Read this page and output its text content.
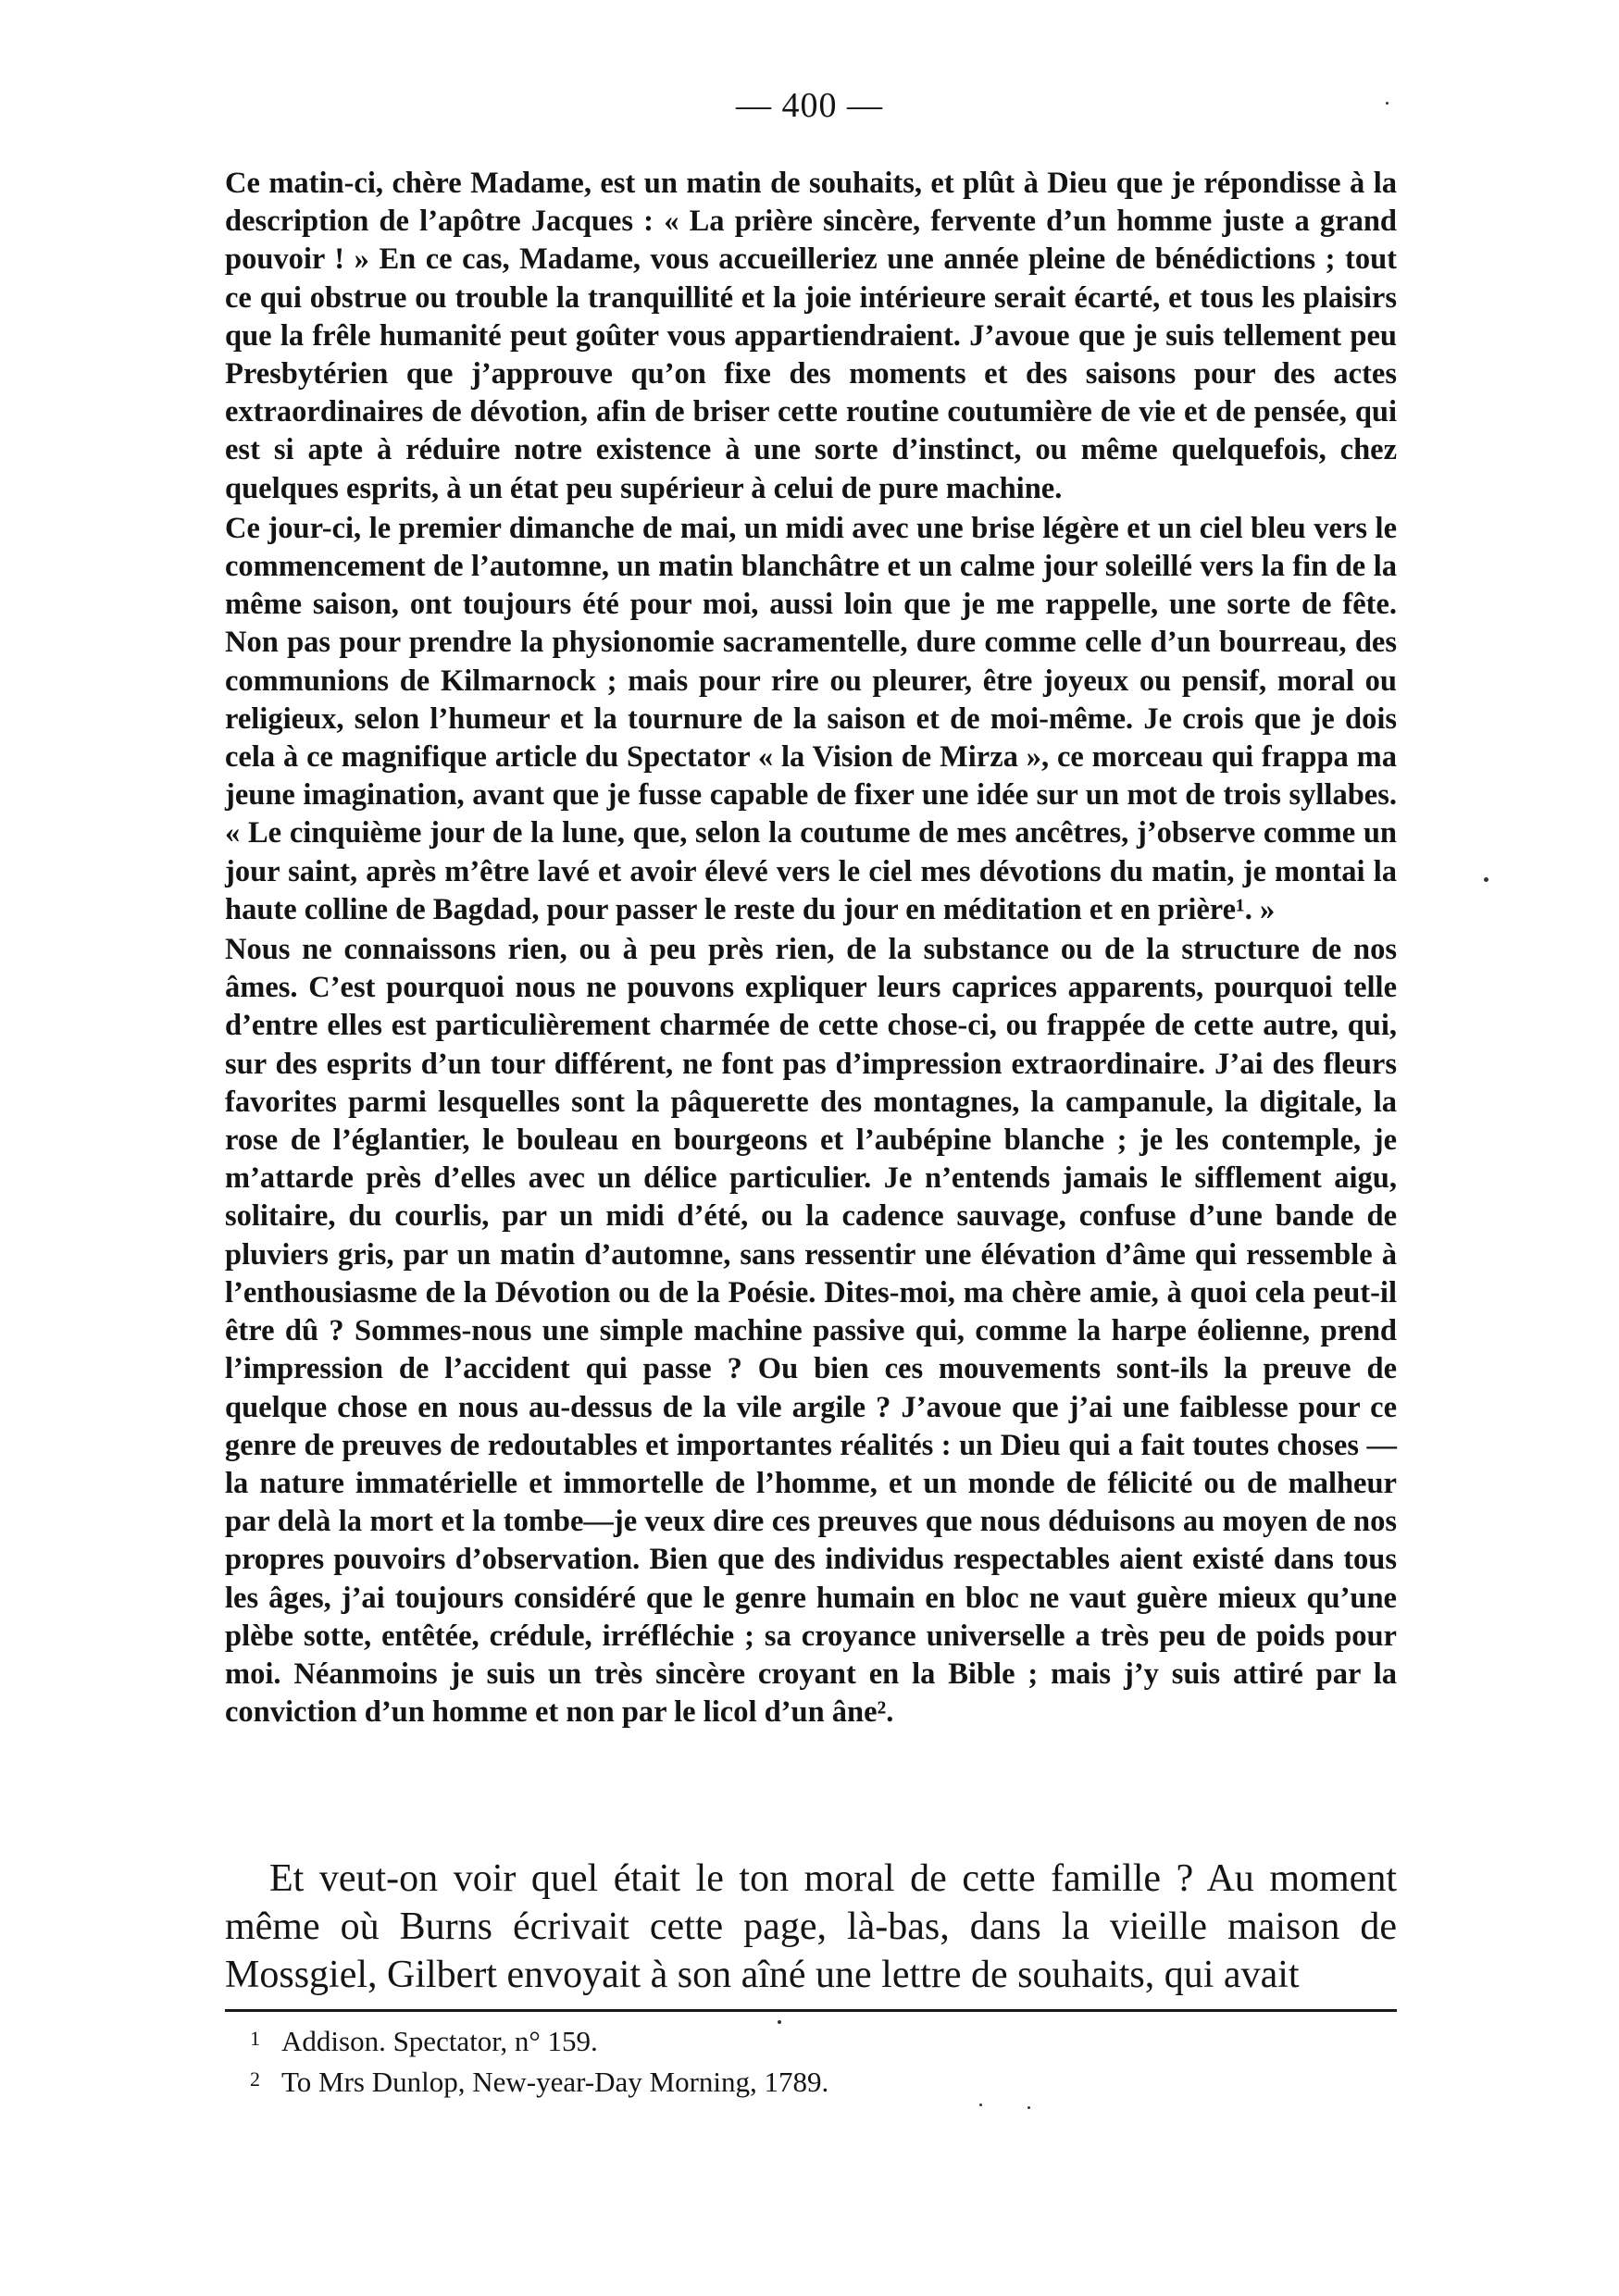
— 400 —

Ce matin-ci, chère Madame, est un matin de souhaits, et plût à Dieu que je répondisse à la description de l’apôtre Jacques : « La prière sincère, fervente d’un homme juste a grand pouvoir ! » En ce cas, Madame, vous accueilleriez une année pleine de bénédictions ; tout ce qui obstrue ou trouble la tranquillité et la joie intérieure serait écarté, et tous les plaisirs que la frêle humanité peut goûter vous appartiendraient. J’avoue que je suis tellement peu Presbytérien que j’approuve qu’on fixe des moments et des saisons pour des actes extraordinaires de dévotion, afin de briser cette routine coutumière de vie et de pensée, qui est si apte à réduire notre existence à une sorte d’instinct, ou même quelquefois, chez quelques esprits, à un état peu supérieur à celui de pure machine.

Ce jour-ci, le premier dimanche de mai, un midi avec une brise légère et un ciel bleu vers le commencement de l’automne, un matin blanchâtre et un calme jour soleillé vers la fin de la même saison, ont toujours été pour moi, aussi loin que je me rappelle, une sorte de fête. Non pas pour prendre la physionomie sacramentelle, dure comme celle d’un bourreau, des communions de Kilmarnock ; mais pour rire ou pleurer, être joyeux ou pensif, moral ou religieux, selon l’humeur et la tournure de la saison et de moi-même. Je crois que je dois cela à ce magnifique article du Spectator « la Vision de Mirza », ce morceau qui frappa ma jeune imagination, avant que je fusse capable de fixer une idée sur un mot de trois syllabes. « Le cinquième jour de la lune, que, selon la coutume de mes ancêtres, j’observe comme un jour saint, après m’être lavé et avoir élevé vers le ciel mes dévotions du matin, je montai la haute colline de Bagdad, pour passer le reste du jour en méditation et en prière¹. »

Nous ne connaissons rien, ou à peu près rien, de la substance ou de la structure de nos âmes. C’est pourquoi nous ne pouvons expliquer leurs caprices apparents, pourquoi telle d’entre elles est particulièrement charmée de cette chose-ci, ou frappée de cette autre, qui, sur des esprits d’un tour différent, ne font pas d’impression extraordinaire. J’ai des fleurs favorites parmi lesquelles sont la pâquerette des montagnes, la campanule, la digitale, la rose de l’églantier, le bouleau en bourgeons et l’aubépine blanche ; je les contemple, je m’attarde près d’elles avec un délice particulier. Je n’entends jamais le sifflement aigu, solitaire, du courlis, par un midi d’été, ou la cadence sauvage, confuse d’une bande de pluviers gris, par un matin d’automne, sans ressentir une élévation d’âme qui ressemble à l’enthousiasme de la Dévotion ou de la Poésie. Dites-moi, ma chère amie, à quoi cela peut-il être dû ? Sommes-nous une simple machine passive qui, comme la harpe éolienne, prend l’impression de l’accident qui passe ? Ou bien ces mouvements sont-ils la preuve de quelque chose en nous au-dessus de la vile argile ? J’avoue que j’ai une faiblesse pour ce genre de preuves de redoutables et importantes réalités : un Dieu qui a fait toutes choses — la nature immatérielle et immortelle de l’homme, et un monde de félicité ou de malheur par delà la mort et la tombe—je veux dire ces preuves que nous déduisons au moyen de nos propres pouvoirs d’observation. Bien que des individus respectables aient existé dans tous les âges, j’ai toujours considéré que le genre humain en bloc ne vaut guère mieux qu’une plèbe sotte, entêtée, crédule, irréfléchie ; sa croyance universelle a très peu de poids pour moi. Néanmoins je suis un très sincère croyant en la Bible ; mais j’y suis attiré par la conviction d’un homme et non par le licol d’un âne².

Et veut-on voir quel était le ton moral de cette famille ? Au moment même où Burns écrivait cette page, là-bas, dans la vieille maison de Mossgiel, Gilbert envoyait à son aîné une lettre de souhaits, qui avait

1 Addison. Spectator, n° 159.
2 To Mrs Dunlop, New-year-Day Morning, 1789.
